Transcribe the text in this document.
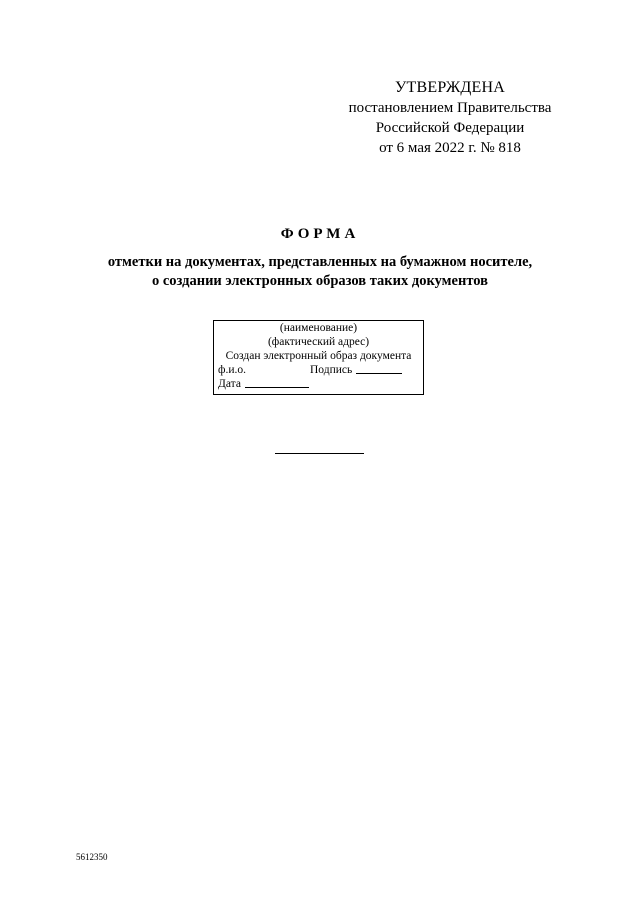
УТВЕРЖДЕНА
постановлением Правительства
Российской Федерации
от 6 мая 2022 г. № 818
ФОРМА
отметки на документах, представленных на бумажном носителе,
о создании электронных образов таких документов
(наименование)
(фактический адрес)
Создан электронный образ документа
ф.и.о.	Подпись
Дата
5612350
